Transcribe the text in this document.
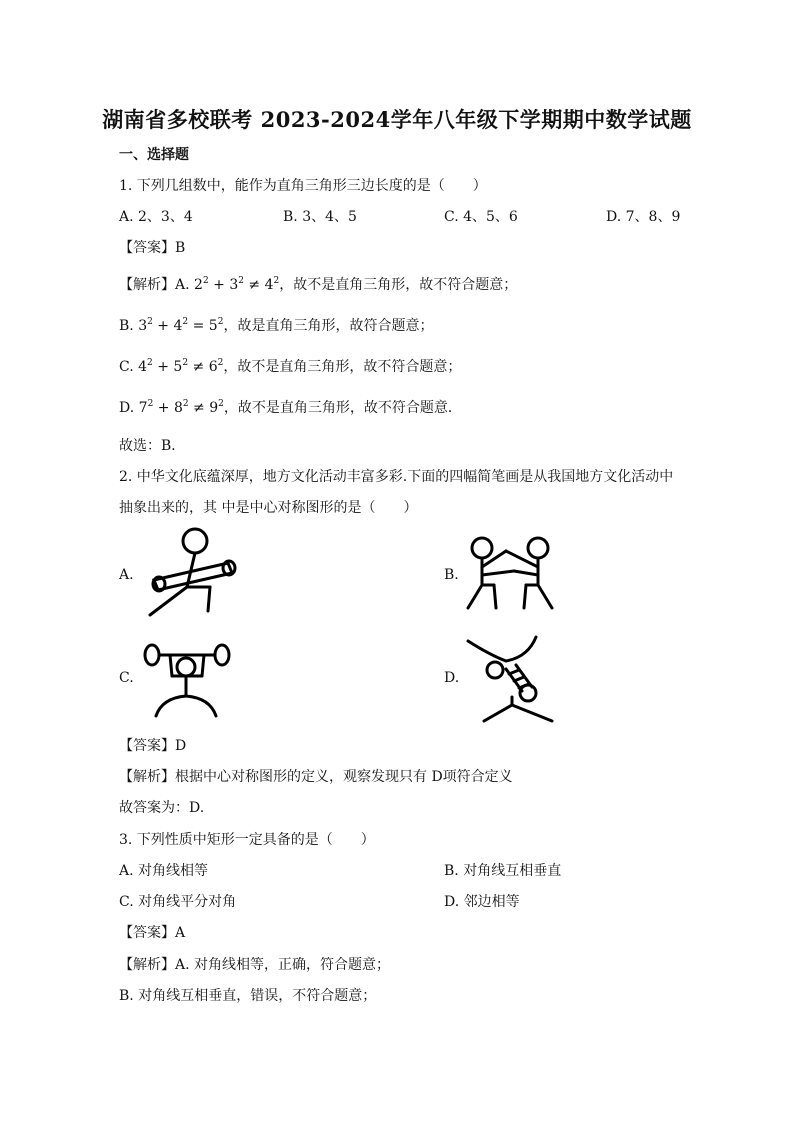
湖南省多校联考 2023-2024学年八年级下学期期中数学试题
一、选择题
1. 下列几组数中，能作为直角三角形三边长度的是（　　）
A. 2、3、4	B. 3、4、5	C. 4、5、6	D. 7、8、9
【答案】B
【解析】A. $2^2 + 3^2 \ne 4^2$，故不是直角三角形，故不符合题意；
B. $3^2 + 4^2 = 5^2$，故是直角三角形，故符合题意；
C. $4^2 + 5^2 \ne 6^2$，故不是直角三角形，故不符合题意；
D. $7^2 + 8^2 \ne 9^2$，故不是直角三角形，故不符合题意．
故选：B．
2. 中华文化底蕴深厚，地方文化活动丰富多彩.下面的四幅简笔画是从我国地方文化活动中
抽象出来的，其 中是中心对称图形的是（　　）
A.	B.
C.	D.
【答案】D
【解析】根据中心对称图形的定义，观察发现只有 D项符合定义
故答案为：D.
3. 下列性质中矩形一定具备的是（　　）
A. 对角线相等	B. 对角线互相垂直
C. 对角线平分对角	D. 邻边相等
【答案】A
【解析】A. 对角线相等，正确，符合题意；
B. 对角线互相垂直，错误，不符合题意；
